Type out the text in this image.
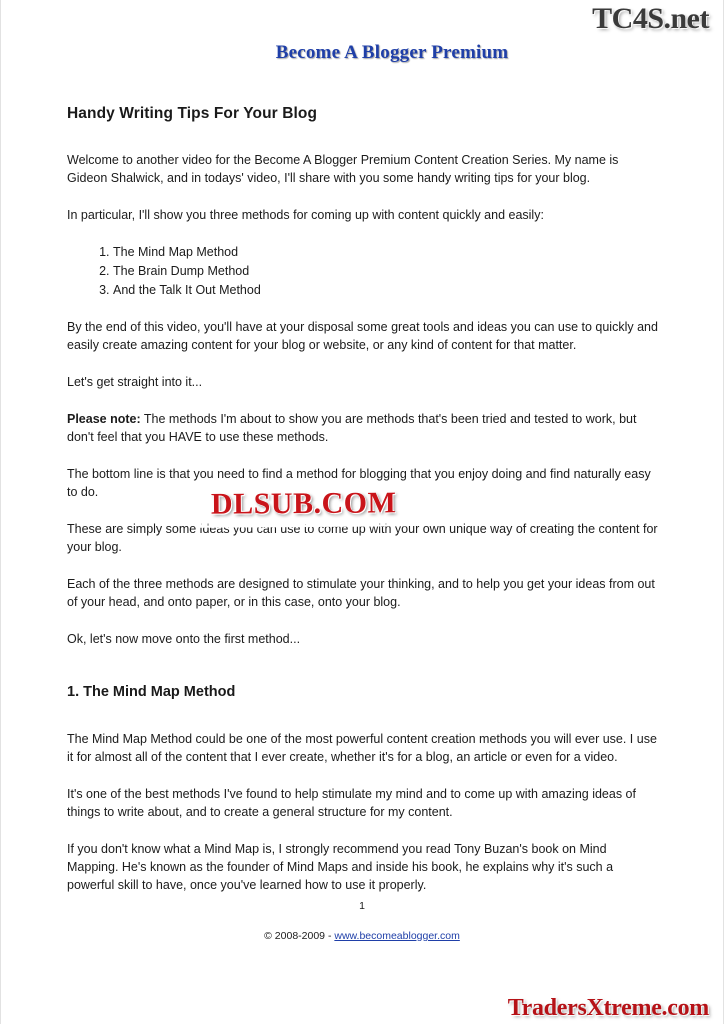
TC4S.net
Become A Blogger Premium
Handy Writing Tips For Your Blog

Welcome to another video for the Become A Blogger Premium Content Creation Series. My name is Gideon Shalwick, and in todays' video, I'll share with you some handy writing tips for your blog.

In particular, I'll show you three methods for coming up with content quickly and easily:

1. The Mind Map Method
2. The Brain Dump Method
3. And the Talk It Out Method

By the end of this video, you'll have at your disposal some great tools and ideas you can use to quickly and easily create amazing content for your blog or website, or any kind of content for that matter.

Let's get straight into it...

Please note: The methods I'm about to show you are methods that's been tried and tested to work, but don't feel that you HAVE to use these methods.

The bottom line is that you need to find a method for blogging that you enjoy doing and find naturally easy to do.

These are simply some ideas you can use to come up with your own unique way of creating the content for your blog.

Each of the three methods are designed to stimulate your thinking, and to help you get your ideas from out of your head, and onto paper, or in this case, onto your blog.

Ok, let's now move onto the first method...

1. The Mind Map Method

The Mind Map Method could be one of the most powerful content creation methods you will ever use. I use it for almost all of the content that I ever create, whether it's for a blog, an article or even for a video.

It's one of the best methods I've found to help stimulate my mind and to come up with amazing ideas of things to write about, and to create a general structure for my content.

If you don't know what a Mind Map is, I strongly recommend you read Tony Buzan's book on Mind Mapping. He's known as the founder of Mind Maps and inside his book, he explains why it's such a powerful skill to have, once you've learned how to use it properly.

DLSUB.COM
1
© 2008-2009 - www.becomeablogger.com
TradersXtreme.com
